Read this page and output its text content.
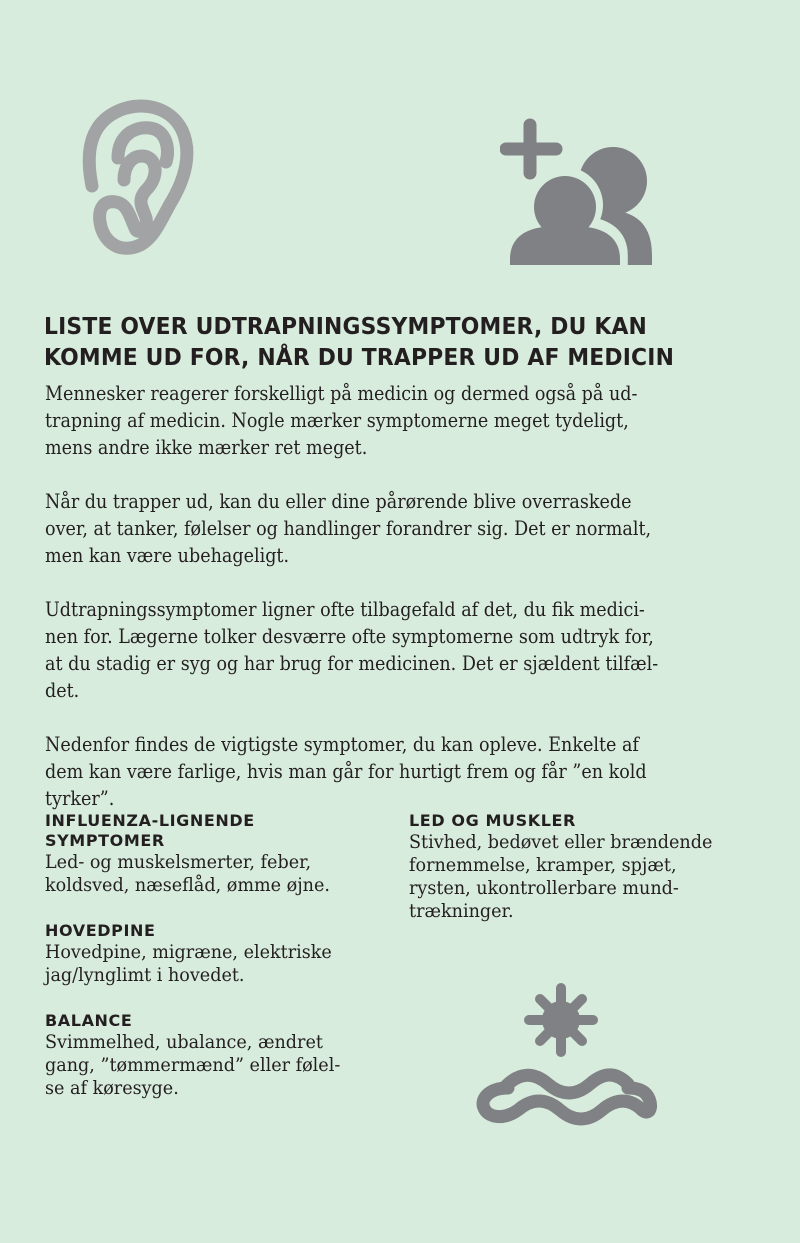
LISTE OVER UDTRAPNINGSSYMPTOMER, DU KAN
KOMME UD FOR, NÅR DU TRAPPER UD AF MEDICIN

Mennesker reagerer forskelligt på medicin og dermed også på ud-
trapning af medicin. Nogle mærker symptomerne meget tydeligt,
mens andre ikke mærker ret meget.

Når du trapper ud, kan du eller dine pårørende blive overraskede
over, at tanker, følelser og handlinger forandrer sig. Det er normalt,
men kan være ubehageligt.

Udtrapningssymptomer ligner ofte tilbagefald af det, du fik medici-
nen for. Lægerne tolker desværre ofte symptomerne som udtryk for,
at du stadig er syg og har brug for medicinen. Det er sjældent tilfæl-
det.

Nedenfor findes de vigtigste symptomer, du kan opleve. Enkelte af
dem kan være farlige, hvis man går for hurtigt frem og får ”en kold
tyrker”.

INFLUENZA-LIGNENDE
SYMPTOMER
Led- og muskelsmerter, feber,
koldsved, næseflåd, ømme øjne.
HOVEDPINE
Hovedpine, migræne, elektriske
jag/lynglimt i hovedet.
BALANCE
Svimmelhed, ubalance, ændret
gang, ”tømmermænd” eller følel-
se af køresyge.
LED OG MUSKLER
Stivhed, bedøvet eller brændende
fornemmelse, kramper, spjæt,
rysten, ukontrollerbare mund-
trækninger.
